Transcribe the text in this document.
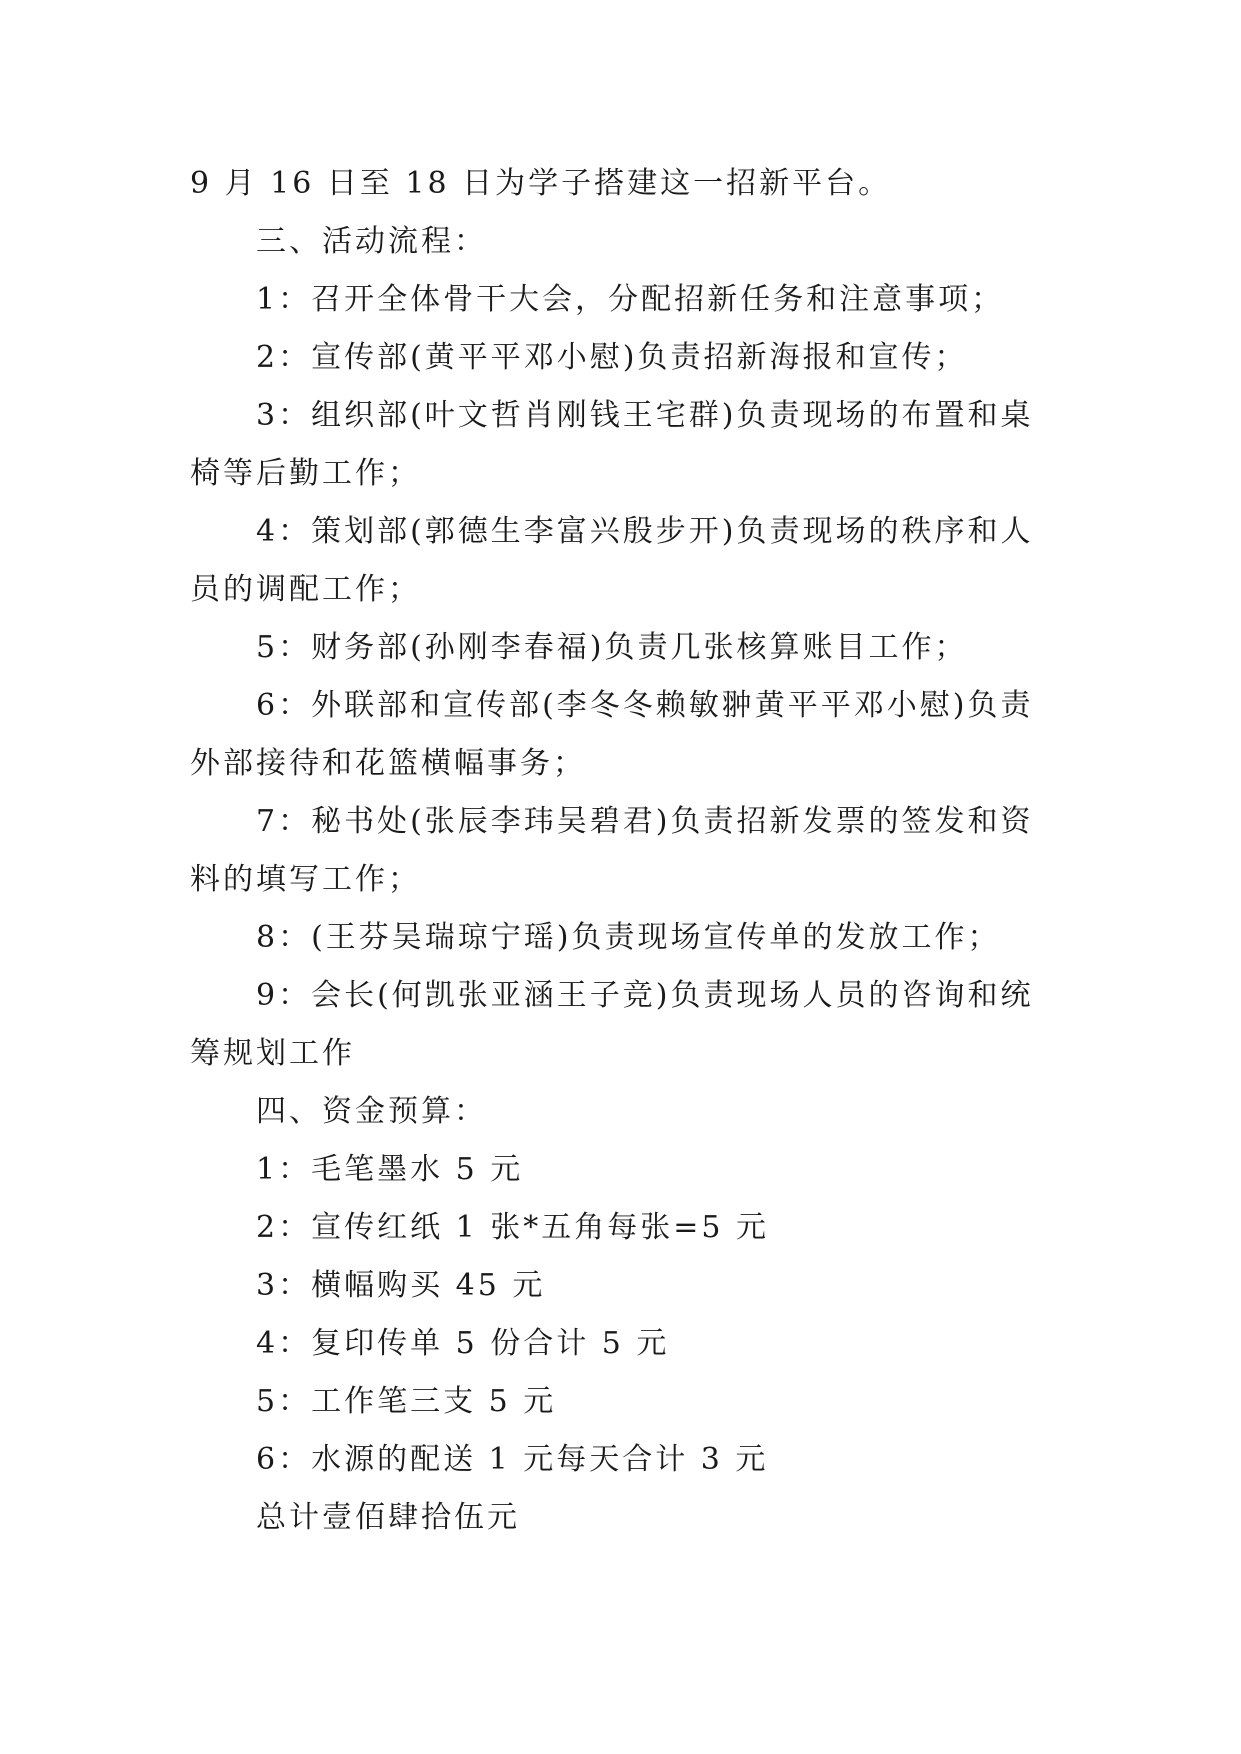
9 月 16 日至 18 日为学子搭建这一招新平台。
三、活动流程：
1：召开全体骨干大会，分配招新任务和注意事项；
2：宣传部(黄平平邓小慰)负责招新海报和宣传；
3：组织部(叶文哲肖刚钱王宅群)负责现场的布置和桌
椅等后勤工作；
4：策划部(郭德生李富兴殷步开)负责现场的秩序和人
员的调配工作；
5：财务部(孙刚李春福)负责几张核算账目工作；
6：外联部和宣传部(李冬冬赖敏翀黄平平邓小慰)负责
外部接待和花篮横幅事务；
7：秘书处(张辰李玮吴碧君)负责招新发票的签发和资
料的填写工作；
8：(王芬吴瑞琼宁瑶)负责现场宣传单的发放工作；
9：会长(何凯张亚涵王子竞)负责现场人员的咨询和统
筹规划工作
四、资金预算：
1：毛笔墨水 5 元
2：宣传红纸 1 张*五角每张=5 元
3：横幅购买 45 元
4：复印传单 5 份合计 5 元
5：工作笔三支 5 元
6：水源的配送 1 元每天合计 3 元
总计壹佰肆拾伍元
